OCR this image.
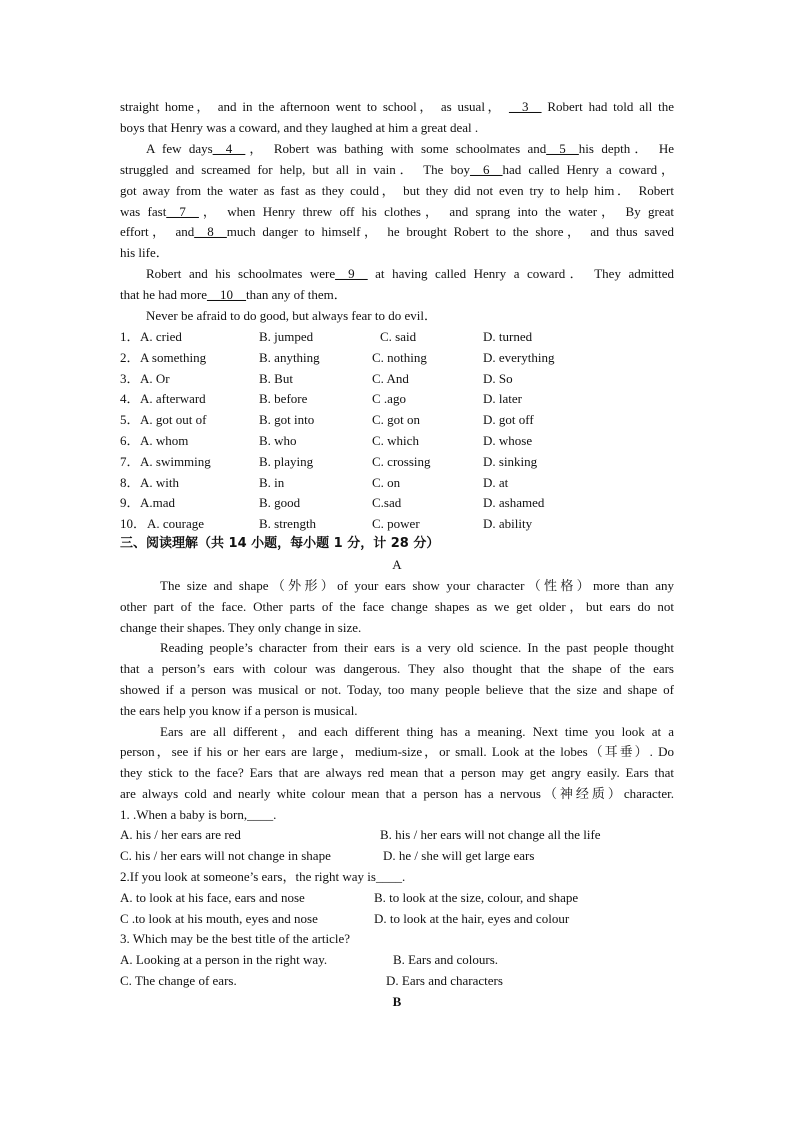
straight home， and in the afternoon went to school， as usual， __3__ Robert had told all the
boys that Henry was a coward, and they laughed at him a great deal .
A few days__4__， Robert was bathing with some schoolmates and__5__his depth． He
struggled and screamed for help, but all in vain． The boy__6__had called Henry a coward，
got away from the water as fast as they could， but they did not even try to help him． Robert
was fast__7__， when Henry threw off his clothes， and sprang into the water， By great
effort， and__8__much danger to himself， he brought Robert to the shore， and thus saved
his life．
Robert and his schoolmates were__9__ at having called Henry a coward． They admitted
that he had more__10__than any of them．
Never be afraid to do good, but always fear to do evil．
1． A. cried	B. jumped	C. said	D. turned
2． A something	B. anything	C. nothing	D. everything
3． A. Or	B. But	C. And	D. So
4． A. afterward	B. before	C .ago	D. later
5． A. got out of	B. got into	C. got on	D. got off
6． A. whom	B. who	C. which	D. whose
7． A. swimming	B. playing	C. crossing	D. sinking
8． A. with	B. in	C. on	D. at
9． A.mad	B. good	C.sad	D. ashamed
10． A. courage	B. strength	C. power	D. ability
三、阅读理解（共 14 小题，每小题 1 分，计 28 分）
A
The size and shape（外形）of your ears show your character（性格）more than any
other part of the face. Other parts of the face change shapes as we get older，but ears do not
change their shapes. They only change in size.
Reading people’s character from their ears is a very old science. In the past people thought
that a person’s ears with colour was dangerous. They also thought that the shape of the ears
showed if a person was musical or not. Today, too many people believe that the size and shape of
the ears help you know if a person is musical.
Ears are all different，and each different thing has a meaning. Next time you look at a
person，see if his or her ears are large，medium-size，or small. Look at the lobes（耳垂）. Do
they stick to the face? Ears that are always red mean that a person may get angry easily. Ears that
are always cold and nearly white colour mean that a person has a nervous（神经质）character.
1. .When a baby is born,____.
A. his / her ears are red	B. his / her ears will not change all the life
C. his / her ears will not change in shape	D. he / she will get large ears
2.If you look at someone’s ears，the right way is____.
A. to look at his face, ears and nose	B. to look at the size, colour, and shape
C .to look at his mouth, eyes and nose	D. to look at the hair, eyes and colour
3. Which may be the best title of the article?
A. Looking at a person in the right way.	B. Ears and colours.
C. The change of ears.	D. Ears and characters
B
